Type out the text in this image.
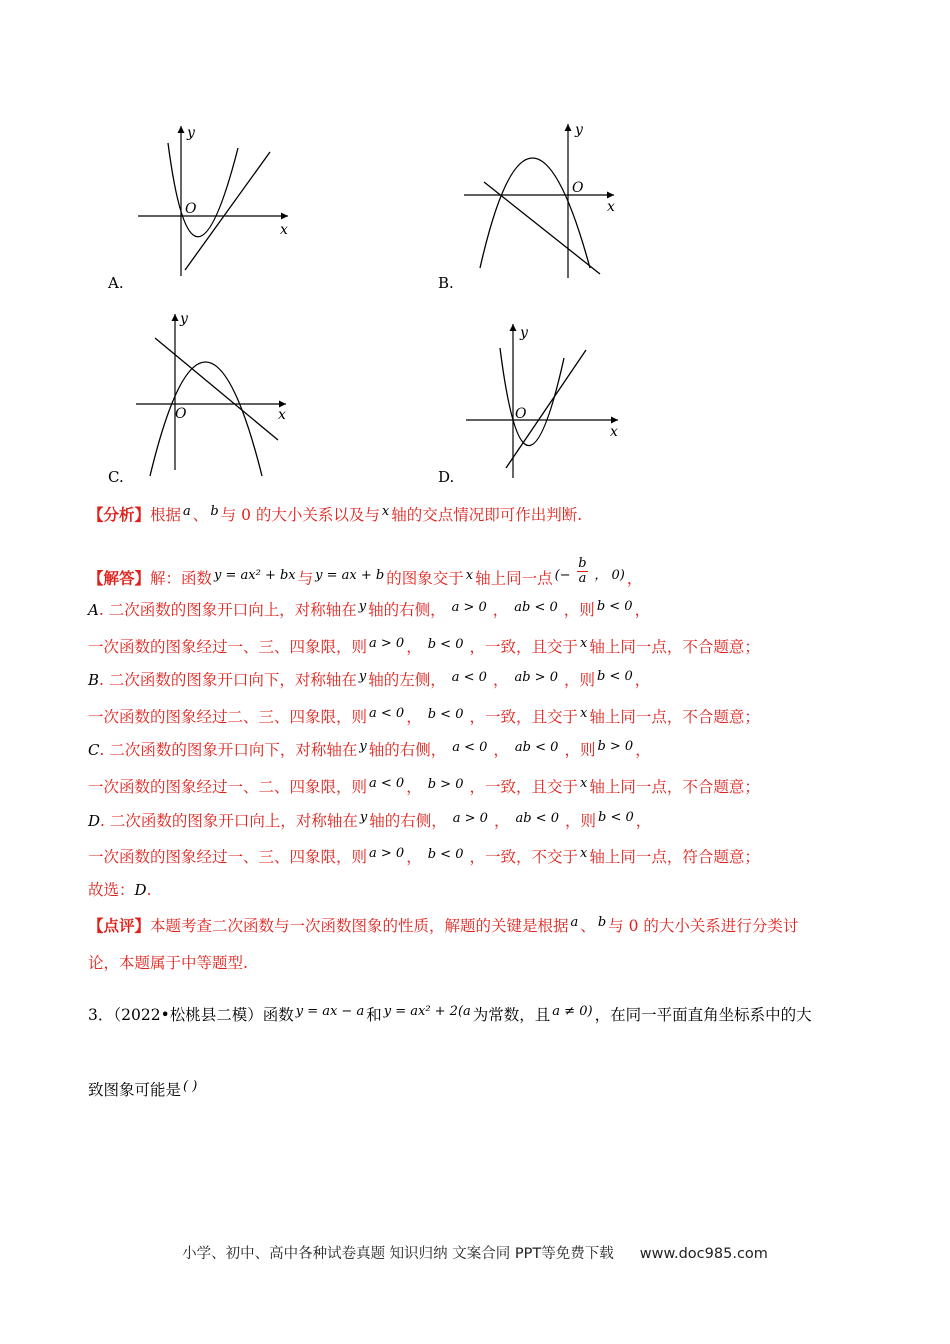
y
x
O
A.
y
x
O
B.
y
x
O
C.
y
x
O
D.
【分析】根据 $^a$ 、 $^b$ 与 0 的大小关系以及与 $^x$ 轴的交点情况即可作出判断.
【解答】解：函数 $^{y = ax^2 + bx}$ 与 $^{y = ax + b}$ 的图象交于 $^x$ 轴上同一点 $^{(-} \frac{b}{a} ^{, 0)}$ ，
A. 二次函数的图象开口向上，对称轴在 $^y$ 轴的右侧， $^{a > 0}$ ， $^{ab < 0}$ ，则 $^{b < 0}$ ，
一次函数的图象经过一、三、四象限，则 $^{a > 0}$ ， $^{b < 0}$ ，一致，且交于 $^x$ 轴上同一点，不合题意；
B. 二次函数的图象开口向下，对称轴在 $^y$ 轴的左侧， $^{a < 0}$ ， $^{ab > 0}$ ，则 $^{b < 0}$ ，
一次函数的图象经过二、三、四象限，则 $^{a < 0}$ ， $^{b < 0}$ ，一致，且交于 $^x$ 轴上同一点，不合题意；
C. 二次函数的图象开口向下，对称轴在 $^y$ 轴的右侧， $^{a < 0}$ ， $^{ab < 0}$ ，则 $^{b > 0}$ ，
一次函数的图象经过一、二、四象限，则 $^{a < 0}$ ， $^{b > 0}$ ，一致，且交于 $^x$ 轴上同一点，不合题意；
D. 二次函数的图象开口向上，对称轴在 $^y$ 轴的右侧， $^{a > 0}$ ， $^{ab < 0}$ ，则 $^{b < 0}$ ，
一次函数的图象经过一、三、四象限，则 $^{a > 0}$ ， $^{b < 0}$ ，一致，不交于 $^x$ 轴上同一点，符合题意；
故选：D.
【点评】本题考查二次函数与一次函数图象的性质，解题的关键是根据 $^a$ 、 $^b$ 与 0 的大小关系进行分类讨
论，本题属于中等题型.
3．（2022•松桃县二模）函数 $^{y = ax - a}$ 和 $^{y = ax^2 + 2(a}$ 为常数，且 $^{a \ne 0)}$ ，在同一平面直角坐标系中的大
致图象可能是 ( )
小学、初中、高中各种试卷真题 知识归纳 文案合同 PPT等免费下载 www.doc985.com
